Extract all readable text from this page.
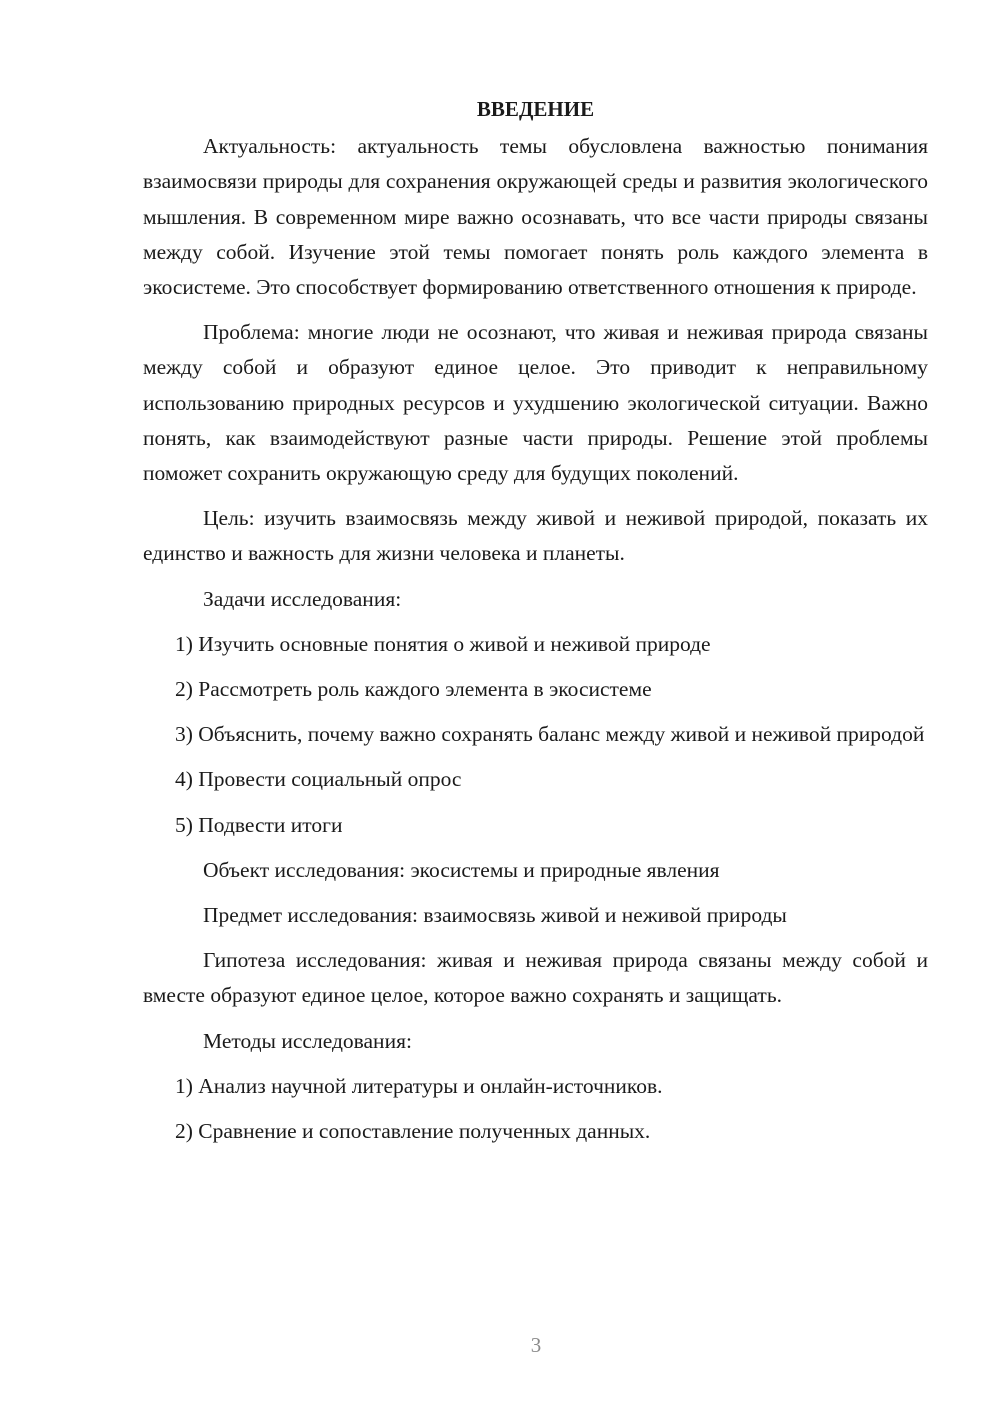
ВВЕДЕНИЕ

Актуальность: актуальность темы обусловлена важностью понимания взаимосвязи природы для сохранения окружающей среды и развития экологического мышления. В современном мире важно осознавать, что все части природы связаны между собой. Изучение этой темы помогает понять роль каждого элемента в экосистеме. Это способствует формированию ответственного отношения к природе.

Проблема: многие люди не осознают, что живая и неживая природа связаны между собой и образуют единое целое. Это приводит к неправильному использованию природных ресурсов и ухудшению экологической ситуации. Важно понять, как взаимодействуют разные части природы. Решение этой проблемы поможет сохранить окружающую среду для будущих поколений.

Цель: изучить взаимосвязь между живой и неживой природой, показать их единство и важность для жизни человека и планеты.

Задачи исследования:

1) Изучить основные понятия о живой и неживой природе

2) Рассмотреть роль каждого элемента в экосистеме

3) Объяснить, почему важно сохранять баланс между живой и неживой природой

4) Провести социальный опрос

5) Подвести итоги

Объект исследования: экосистемы и природные явления

Предмет исследования: взаимосвязь живой и неживой природы

Гипотеза исследования: живая и неживая природа связаны между собой и вместе образуют единое целое, которое важно сохранять и защищать.

Методы исследования:

1) Анализ научной литературы и онлайн-источников.

2) Сравнение и сопоставление полученных данных.

3
